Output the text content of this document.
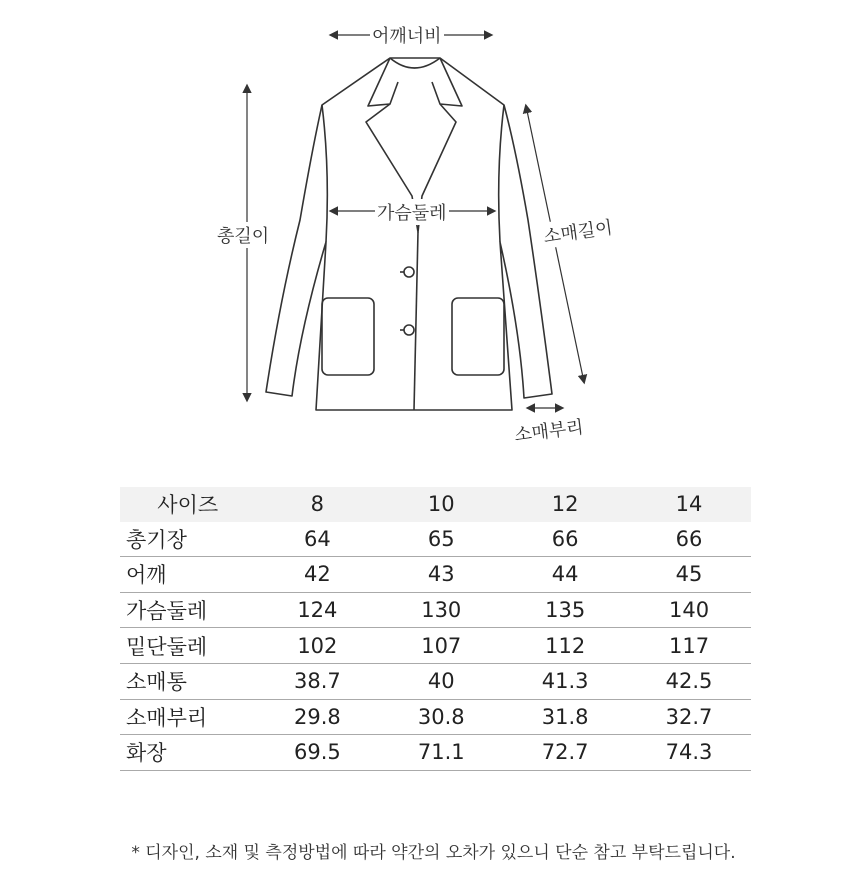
어깨너비
가슴둘레
총길이	소매길이
소매부리
사이즈	8	10	12	14
총기장	64	65	66	66
어깨	42	43	44	45
가슴둘레	124	130	135	140
밑단둘레	102	107	112	117
소매통	38.7	40	41.3	42.5
소매부리	29.8	30.8	31.8	32.7
화장	69.5	71.1	72.7	74.3
* 디자인, 소재 및 측정방법에 따라 약간의 오차가 있으니 단순 참고 부탁드립니다.
